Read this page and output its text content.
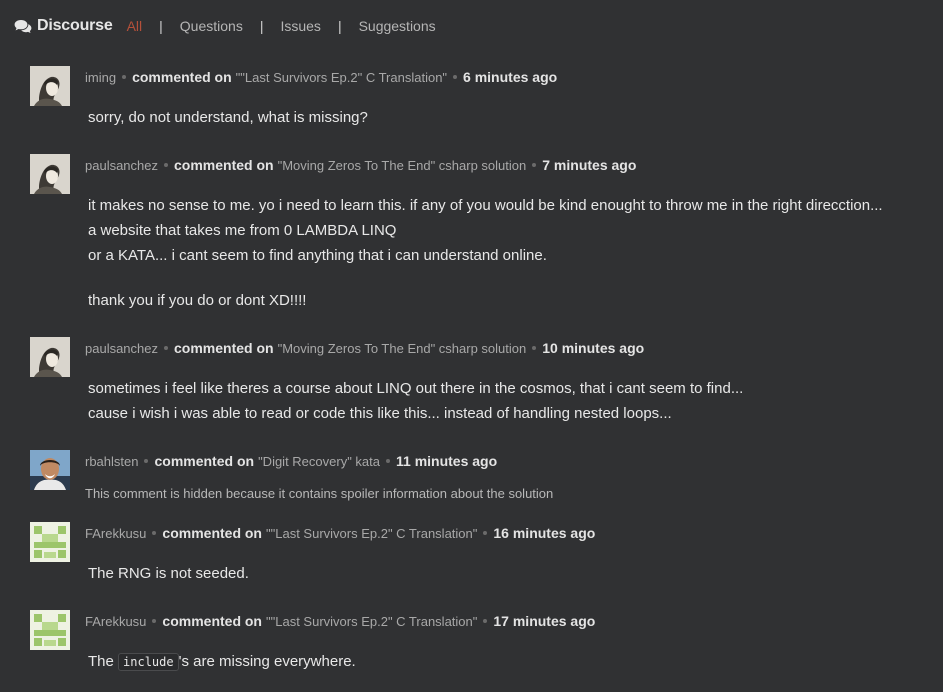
Discourse All | Questions | Issues | Suggestions
iming commented on ""Last Survivors Ep.2" C Translation" 6 minutes ago

sorry, do not understand, what is missing?

paulsanchez commented on "Moving Zeros To The End" csharp solution 7 minutes ago

it makes no sense to me. yo i need to learn this. if any of you would be kind enought to throw me in the right direcction...

a website that takes me from 0 LAMBDA LINQ

or a KATA... i cant seem to find anything that i can understand online.

thank you if you do or dont XD!!!!

paulsanchez commented on "Moving Zeros To The End" csharp solution 10 minutes ago

sometimes i feel like theres a course about LINQ out there in the cosmos, that i cant seem to find...

cause i wish i was able to read or code this like this... instead of handling nested loops...

rbahlsten commented on "Digit Recovery" kata 11 minutes ago
This comment is hidden because it contains spoiler information about the solution
FArekkusu commented on ""Last Survivors Ep.2" C Translation" 16 minutes ago

The RNG is not seeded.

FArekkusu commented on ""Last Survivors Ep.2" C Translation" 17 minutes ago

The include 's are missing everywhere.
